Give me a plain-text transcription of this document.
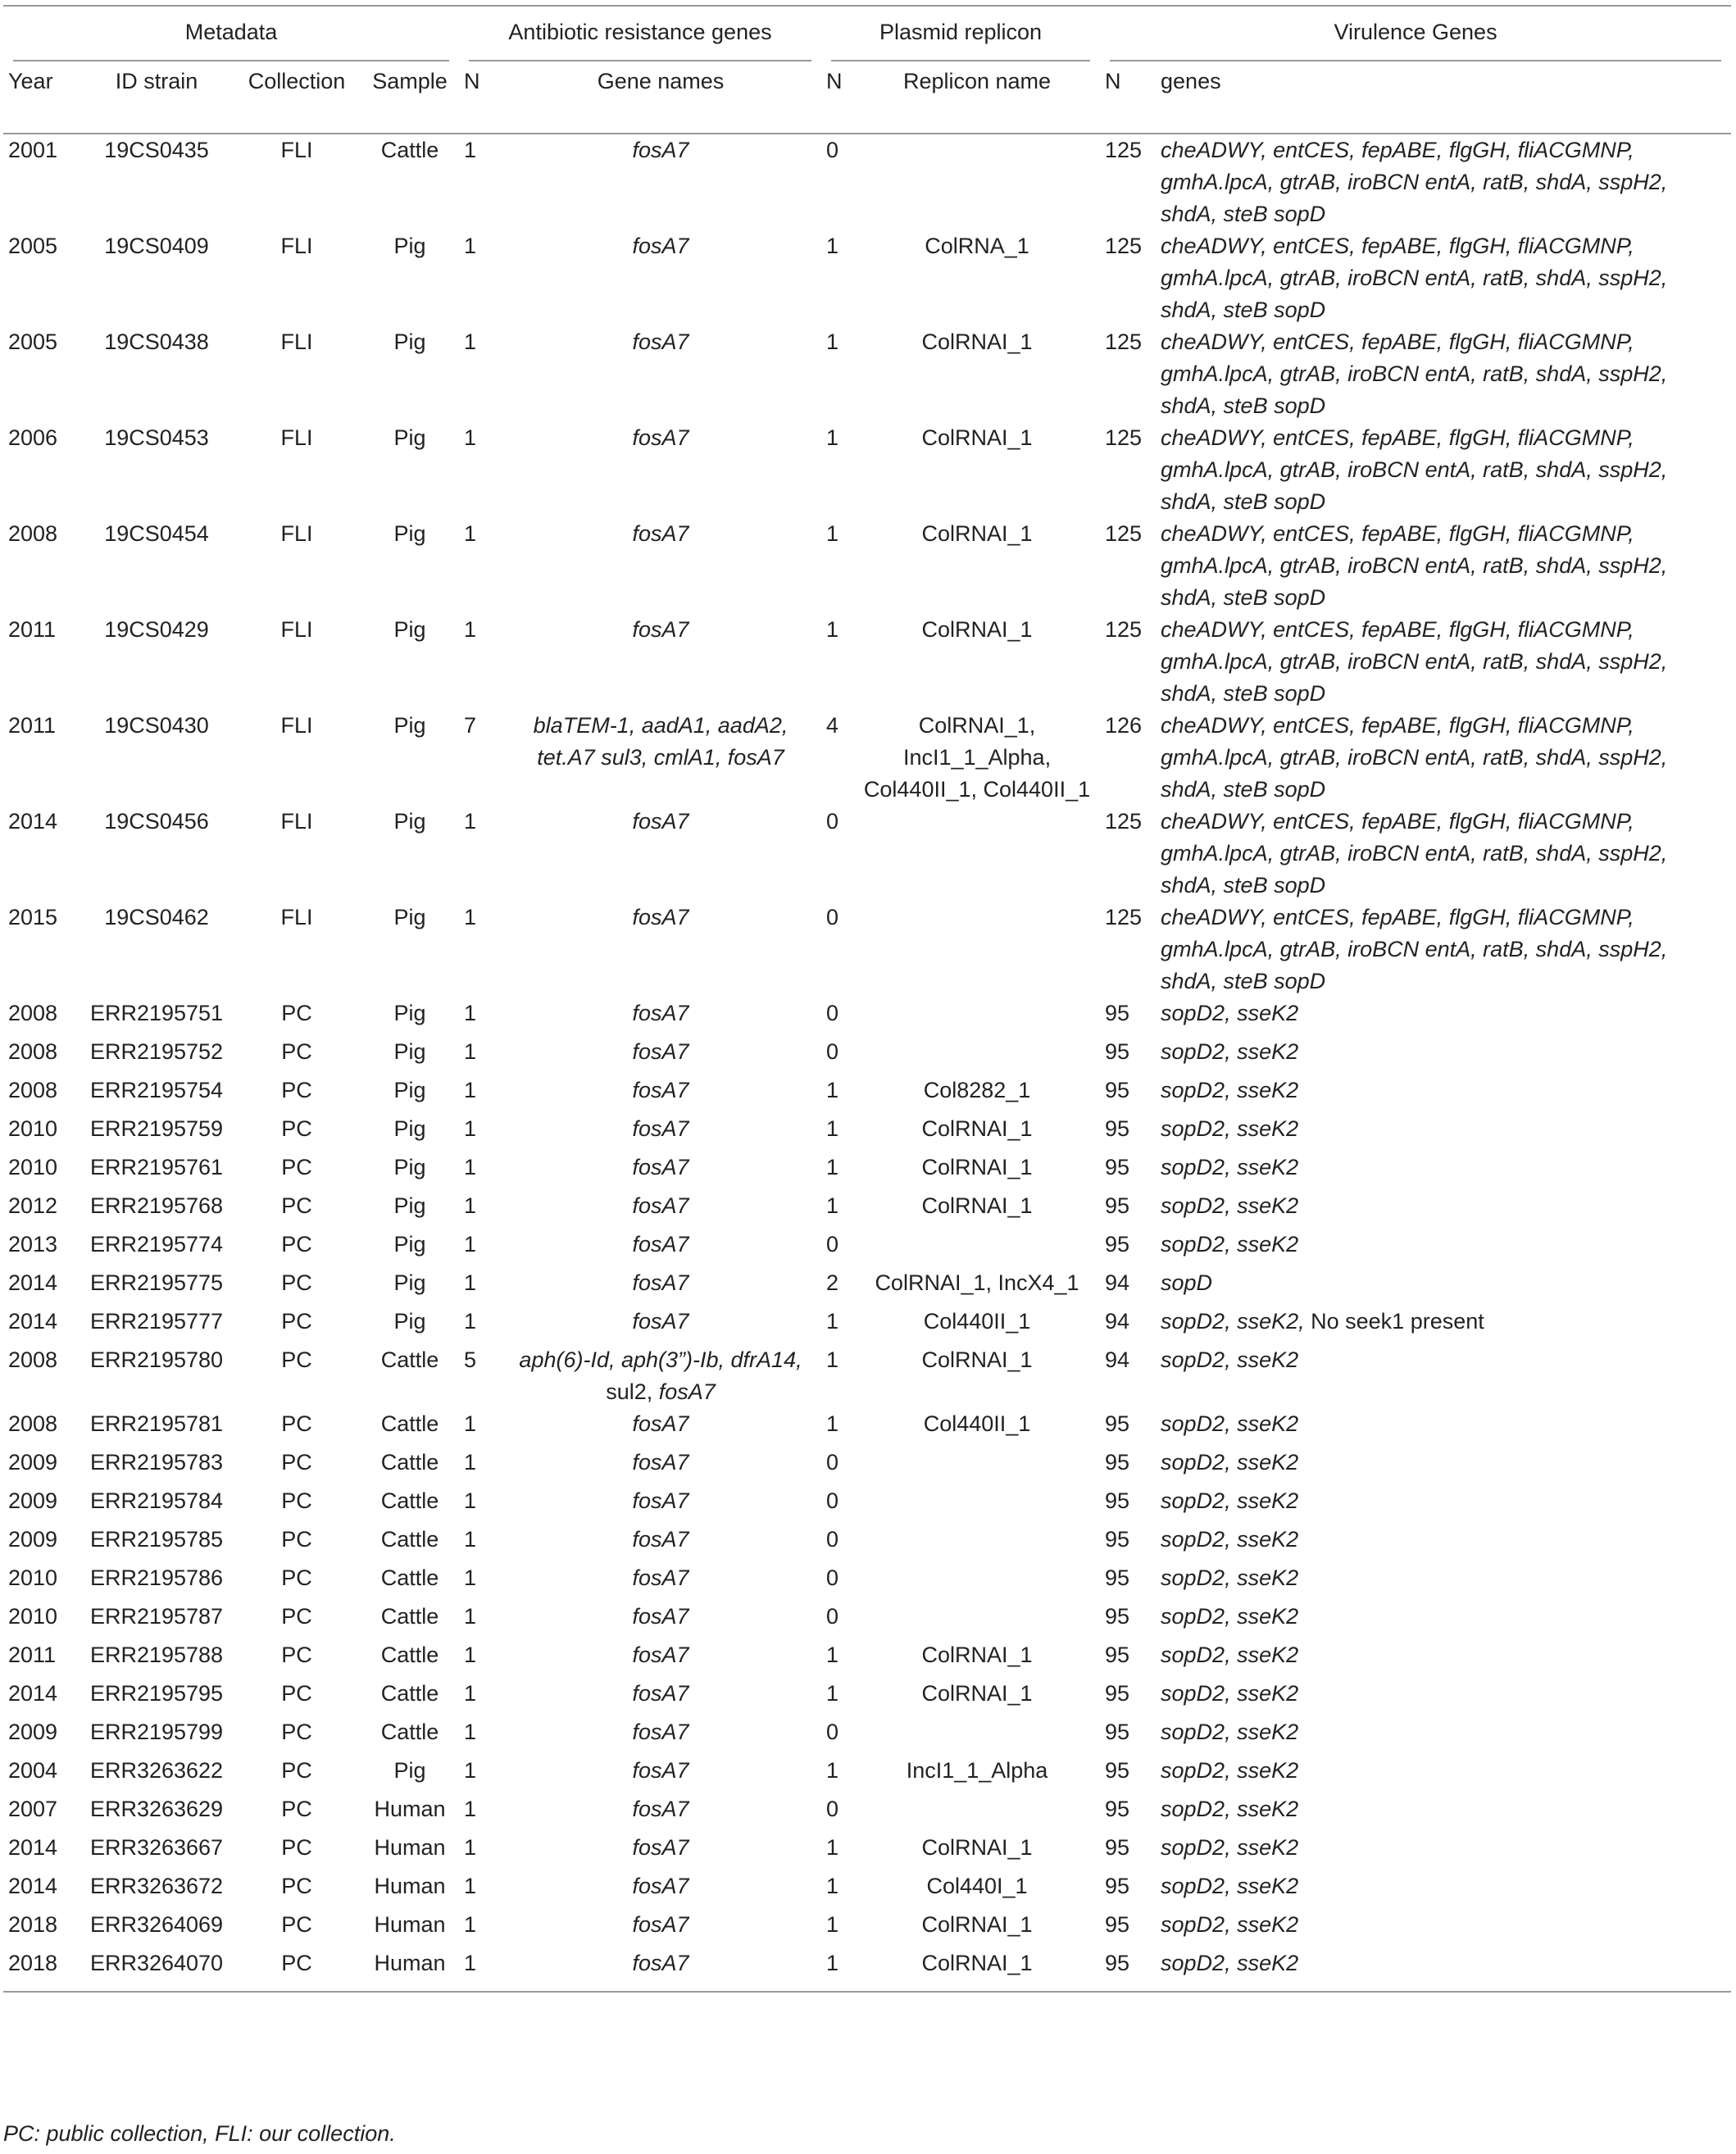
Metadata				Antibiotic resistance genes		Plasmid replicon		Virulence Genes	

Year	ID strain	Collection	Sample	N	Gene names	N	Replicon name	N	genes
2001	19CS0435	FLI	Cattle	1	fosA7	0		125	cheADWY, entCES, fepABE, flgGH, fliACGMNP, gmhA.lpcA, gtrAB, iroBCN entA, ratB, shdA, sspH2, shdA, steB sopD
2005	19CS0409	FLI	Pig	1	fosA7	1	ColRNA_1	125	cheADWY, entCES, fepABE, flgGH, fliACGMNP, gmhA.lpcA, gtrAB, iroBCN entA, ratB, shdA, sspH2, shdA, steB sopD
2005	19CS0438	FLI	Pig	1	fosA7	1	ColRNAI_1	125	cheADWY, entCES, fepABE, flgGH, fliACGMNP, gmhA.lpcA, gtrAB, iroBCN entA, ratB, shdA, sspH2, shdA, steB sopD
2006	19CS0453	FLI	Pig	1	fosA7	1	ColRNAI_1	125	cheADWY, entCES, fepABE, flgGH, fliACGMNP, gmhA.lpcA, gtrAB, iroBCN entA, ratB, shdA, sspH2, shdA, steB sopD
2008	19CS0454	FLI	Pig	1	fosA7	1	ColRNAI_1	125	cheADWY, entCES, fepABE, flgGH, fliACGMNP, gmhA.lpcA, gtrAB, iroBCN entA, ratB, shdA, sspH2, shdA, steB sopD
2011	19CS0429	FLI	Pig	1	fosA7	1	ColRNAI_1	125	cheADWY, entCES, fepABE, flgGH, fliACGMNP, gmhA.lpcA, gtrAB, iroBCN entA, ratB, shdA, sspH2, shdA, steB sopD
2011	19CS0430	FLI	Pig	7	blaTEM-1, aadA1, aadA2, tet.A7 sul3, cmlA1, fosA7	4	ColRNAI_1, IncI1_1_Alpha, Col440II_1, Col440II_1	126	cheADWY, entCES, fepABE, flgGH, fliACGMNP, gmhA.lpcA, gtrAB, iroBCN entA, ratB, shdA, sspH2, shdA, steB sopD
2014	19CS0456	FLI	Pig	1	fosA7	0		125	cheADWY, entCES, fepABE, flgGH, fliACGMNP, gmhA.lpcA, gtrAB, iroBCN entA, ratB, shdA, sspH2, shdA, steB sopD
2015	19CS0462	FLI	Pig	1	fosA7	0		125	cheADWY, entCES, fepABE, flgGH, fliACGMNP, gmhA.lpcA, gtrAB, iroBCN entA, ratB, shdA, sspH2, shdA, steB sopD
2008	ERR2195751	PC	Pig	1	fosA7	0		95	sopD2, sseK2
2008	ERR2195752	PC	Pig	1	fosA7	0		95	sopD2, sseK2
2008	ERR2195754	PC	Pig	1	fosA7	1	Col8282_1	95	sopD2, sseK2
2010	ERR2195759	PC	Pig	1	fosA7	1	ColRNAI_1	95	sopD2, sseK2
2010	ERR2195761	PC	Pig	1	fosA7	1	ColRNAI_1	95	sopD2, sseK2
2012	ERR2195768	PC	Pig	1	fosA7	1	ColRNAI_1	95	sopD2, sseK2
2013	ERR2195774	PC	Pig	1	fosA7	0		95	sopD2, sseK2
2014	ERR2195775	PC	Pig	1	fosA7	2	ColRNAI_1, IncX4_1	94	sopD
2014	ERR2195777	PC	Pig	1	fosA7	1	Col440II_1	94	sopD2, sseK2, No seek1 present
2008	ERR2195780	PC	Cattle	5	aph(6)-Id, aph(3”)-Ib, dfrA14,
sul2, fosA7	1	ColRNAI_1	94	sopD2, sseK2
2008	ERR2195781	PC	Cattle	1	fosA7	1	Col440II_1	95	sopD2, sseK2
2009	ERR2195783	PC	Cattle	1	fosA7	0		95	sopD2, sseK2
2009	ERR2195784	PC	Cattle	1	fosA7	0		95	sopD2, sseK2
2009	ERR2195785	PC	Cattle	1	fosA7	0		95	sopD2, sseK2
2010	ERR2195786	PC	Cattle	1	fosA7	0		95	sopD2, sseK2
2010	ERR2195787	PC	Cattle	1	fosA7	0		95	sopD2, sseK2
2011	ERR2195788	PC	Cattle	1	fosA7	1	ColRNAI_1	95	sopD2, sseK2
2014	ERR2195795	PC	Cattle	1	fosA7	1	ColRNAI_1	95	sopD2, sseK2
2009	ERR2195799	PC	Cattle	1	fosA7	0		95	sopD2, sseK2
2004	ERR3263622	PC	Pig	1	fosA7	1	IncI1_1_Alpha	95	sopD2, sseK2
2007	ERR3263629	PC	Human	1	fosA7	0		95	sopD2, sseK2
2014	ERR3263667	PC	Human	1	fosA7	1	ColRNAI_1	95	sopD2, sseK2
2014	ERR3263672	PC	Human	1	fosA7	1	Col440I_1	95	sopD2, sseK2
2018	ERR3264069	PC	Human	1	fosA7	1	ColRNAI_1	95	sopD2, sseK2
2018	ERR3264070	PC	Human	1	fosA7	1	ColRNAI_1	95	sopD2, sseK2
PC: public collection, FLI: our collection.
